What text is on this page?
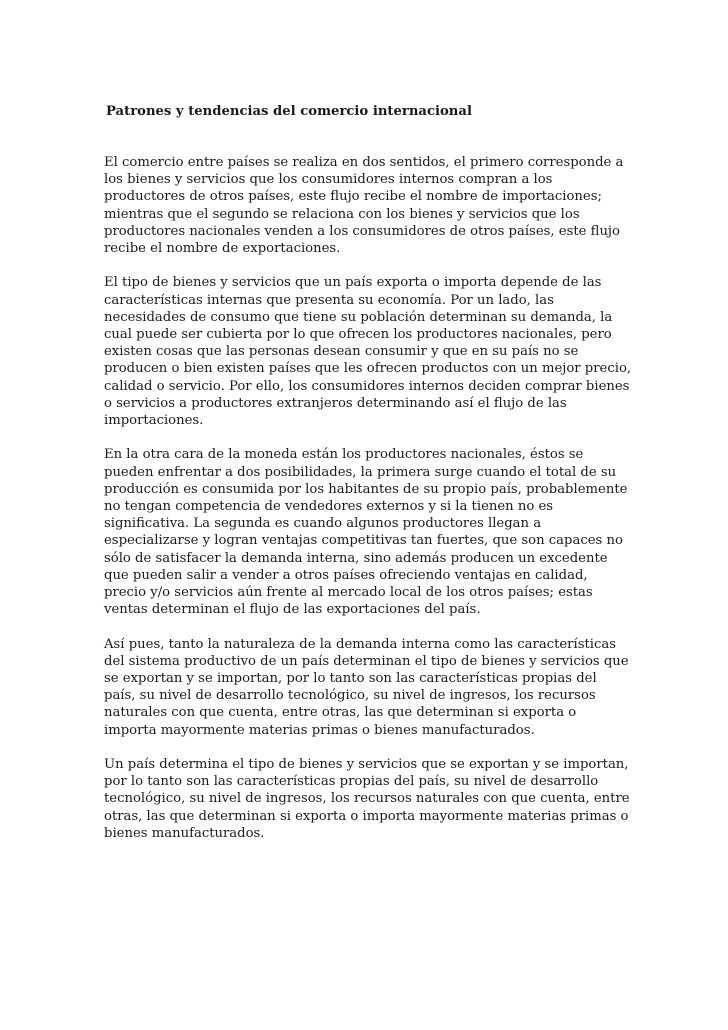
Patrones y tendencias del comercio internacional

El comercio entre países se realiza en dos sentidos, el primero corresponde a los bienes y servicios que los consumidores internos compran a los productores de otros países, este flujo recibe el nombre de importaciones; mientras que el segundo se relaciona con los bienes y servicios que los productores nacionales venden a los consumidores de otros países, este flujo recibe el nombre de exportaciones.

El tipo de bienes y servicios que un país exporta o importa depende de las características internas que presenta su economía. Por un lado, las necesidades de consumo que tiene su población determinan su demanda, la cual puede ser cubierta por lo que ofrecen los productores nacionales, pero existen cosas que las personas desean consumir y que en su país no se producen o bien existen países que les ofrecen productos con un mejor precio, calidad o servicio. Por ello, los consumidores internos deciden comprar bienes o servicios a productores extranjeros determinando así el flujo de las importaciones.

En la otra cara de la moneda están los productores nacionales, éstos se pueden enfrentar a dos posibilidades, la primera surge cuando el total de su producción es consumida por los habitantes de su propio país, probablemente no tengan competencia de vendedores externos y si la tienen no es significativa. La segunda es cuando algunos productores llegan a especializarse y logran ventajas competitivas tan fuertes, que son capaces no sólo de satisfacer la demanda interna, sino además producen un excedente que pueden salir a vender a otros países ofreciendo ventajas en calidad, precio y/o servicios aún frente al mercado local de los otros países; estas ventas determinan el flujo de las exportaciones del país.

Así pues, tanto la naturaleza de la demanda interna como las características del sistema productivo de un país determinan el tipo de bienes y servicios que se exportan y se importan, por lo tanto son las características propias del país, su nivel de desarrollo tecnológico, su nivel de ingresos, los recursos naturales con que cuenta, entre otras, las que determinan si exporta o importa mayormente materias primas o bienes manufacturados.

Un país determina el tipo de bienes y servicios que se exportan y se importan, por lo tanto son las características propias del país, su nivel de desarrollo tecnológico, su nivel de ingresos, los recursos naturales con que cuenta, entre otras, las que determinan si exporta o importa mayormente materias primas o bienes manufacturados.
